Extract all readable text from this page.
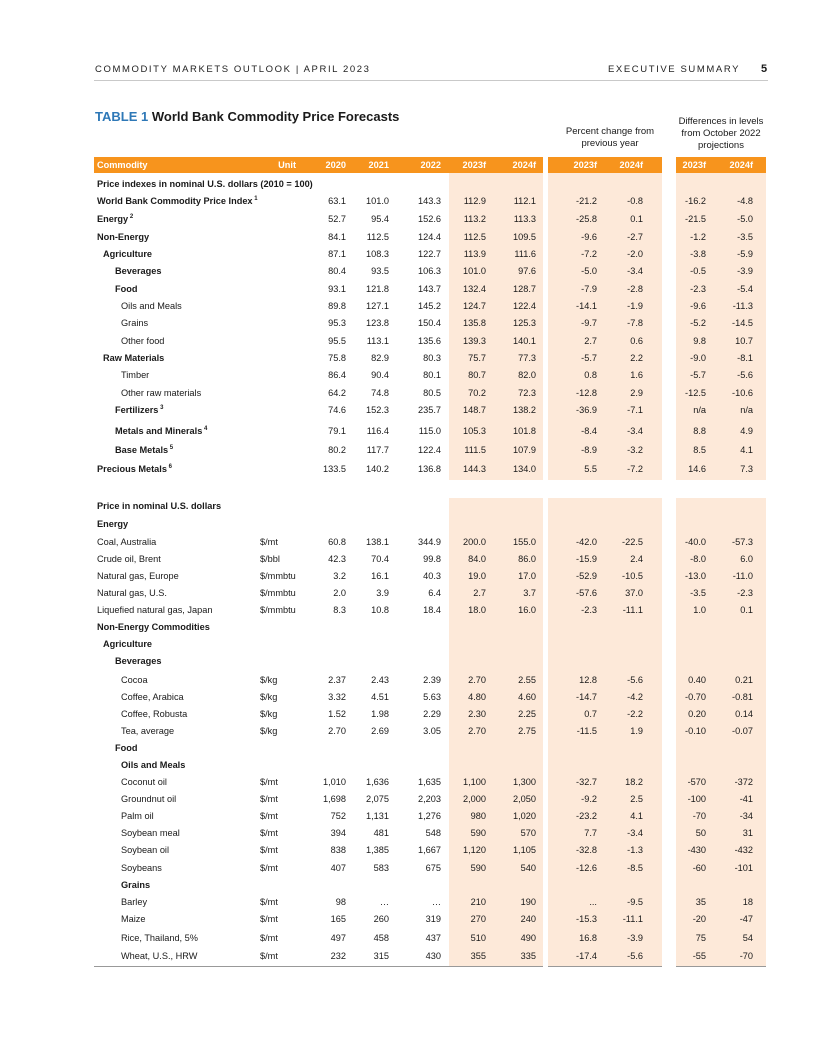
COMMODITY MARKETS OUTLOOK | APRIL 2023	EXECUTIVE SUMMARY 5
TABLE 1 World Bank Commodity Price Forecasts
Percent change from previous year
Differences in levels from October 2022 projections
Commodity	Unit	2020	2021	2022	2023f	2024f	2023f	2024f	2023f	2024f
Price indexes in nominal U.S. dollars (2010 = 100)
World Bank Commodity Price Index $^1$	63.1	101.0	143.3	112.9	112.1	-21.2	-0.8	-16.2	-4.8
Energy $^2$	52.7	95.4	152.6	113.2	113.3	-25.8	0.1	-21.5	-5.0
Non-Energy	84.1	112.5	124.4	112.5	109.5	-9.6	-2.7	-1.2	-3.5
Agriculture	87.1	108.3	122.7	113.9	111.6	-7.2	-2.0	-3.8	-5.9
Beverages	80.4	93.5	106.3	101.0	97.6	-5.0	-3.4	-0.5	-3.9
Food	93.1	121.8	143.7	132.4	128.7	-7.9	-2.8	-2.3	-5.4
Oils and Meals	89.8	127.1	145.2	124.7	122.4	-14.1	-1.9	-9.6	-11.3
Grains	95.3	123.8	150.4	135.8	125.3	-9.7	-7.8	-5.2	-14.5
Other food	95.5	113.1	135.6	139.3	140.1	2.7	0.6	9.8	10.7
Raw Materials	75.8	82.9	80.3	75.7	77.3	-5.7	2.2	-9.0	-8.1
Timber	86.4	90.4	80.1	80.7	82.0	0.8	1.6	-5.7	-5.6
Other raw materials	64.2	74.8	80.5	70.2	72.3	-12.8	2.9	-12.5	-10.6
Fertilizers $^3$	74.6	152.3	235.7	148.7	138.2	-36.9	-7.1	n/a	n/a
Metals and Minerals $^4$	79.1	116.4	115.0	105.3	101.8	-8.4	-3.4	8.8	4.9
Base Metals $^5$	80.2	117.7	122.4	111.5	107.9	-8.9	-3.2	8.5	4.1
Precious Metals $^6$	133.5	140.2	136.8	144.3	134.0	5.5	-7.2	14.6	7.3
Price in nominal U.S. dollars
Energy
Coal, Australia	$/mt	60.8	138.1	344.9	200.0	155.0	-42.0	-22.5	-40.0	-57.3
Crude oil, Brent	$/bbl	42.3	70.4	99.8	84.0	86.0	-15.9	2.4	-8.0	6.0
Natural gas, Europe	$/mmbtu	3.2	16.1	40.3	19.0	17.0	-52.9	-10.5	-13.0	-11.0
Natural gas, U.S.	$/mmbtu	2.0	3.9	6.4	2.7	3.7	-57.6	37.0	-3.5	-2.3
Liquefied natural gas, Japan	$/mmbtu	8.3	10.8	18.4	18.0	16.0	-2.3	-11.1	1.0	0.1
Non-Energy Commodities
Agriculture
Beverages
Cocoa	$/kg	2.37	2.43	2.39	2.70	2.55	12.8	-5.6	0.40	0.21
Coffee, Arabica	$/kg	3.32	4.51	5.63	4.80	4.60	-14.7	-4.2	-0.70	-0.81
Coffee, Robusta	$/kg	1.52	1.98	2.29	2.30	2.25	0.7	-2.2	0.20	0.14
Tea, average	$/kg	2.70	2.69	3.05	2.70	2.75	-11.5	1.9	-0.10	-0.07
Food
Oils and Meals
Coconut oil	$/mt	1,010	1,636	1,635	1,100	1,300	-32.7	18.2	-570	-372
Groundnut oil	$/mt	1,698	2,075	2,203	2,000	2,050	-9.2	2.5	-100	-41
Palm oil	$/mt	752	1,131	1,276	980	1,020	-23.2	4.1	-70	-34
Soybean meal	$/mt	394	481	548	590	570	7.7	-3.4	50	31
Soybean oil	$/mt	838	1,385	1,667	1,120	1,105	-32.8	-1.3	-430	-432
Soybeans	$/mt	407	583	675	590	540	-12.6	-8.5	-60	-101
Grains
Barley	$/mt	98	…	…	210	190	...	-9.5	35	18
Maize	$/mt	165	260	319	270	240	-15.3	-11.1	-20	-47
Rice, Thailand, 5%	$/mt	497	458	437	510	490	16.8	-3.9	75	54
Wheat, U.S., HRW	$/mt	232	315	430	355	335	-17.4	-5.6	-55	-70
